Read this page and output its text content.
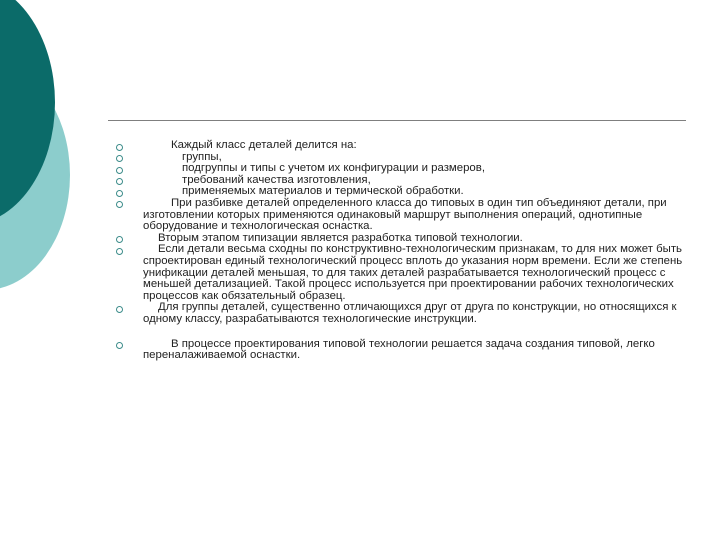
Каждый класс деталей делится на:
группы,
подгруппы и типы с учетом их конфигурации и размеров,
требований качества изготовления,
применяемых материалов и термической обработки.
При разбивке деталей определенного класса до типовых в один тип объединяют детали, при изготовлении которых применяются одинаковый маршрут выполнения операций, однотипные оборудование и технологическая оснастка.
Вторым этапом типизации является разработка типовой технологии.
Если детали весьма сходны по конструктивно-технологическим признакам, то для них может быть спроектирован единый технологический процесс вплоть до указания норм времени. Если же степень унификации деталей меньшая, то для таких деталей разрабатывается технологический процесс с меньшей детализацией. Такой процесс используется при проектировании рабочих технологических процессов как обязательный образец.
Для группы деталей, существенно отличающихся друг от друга по конструкции, но относящихся к одному классу, разрабатываются технологические инструкции.
В процессе проектирования типовой технологии решается задача создания типовой, легко переналаживаемой оснастки.
